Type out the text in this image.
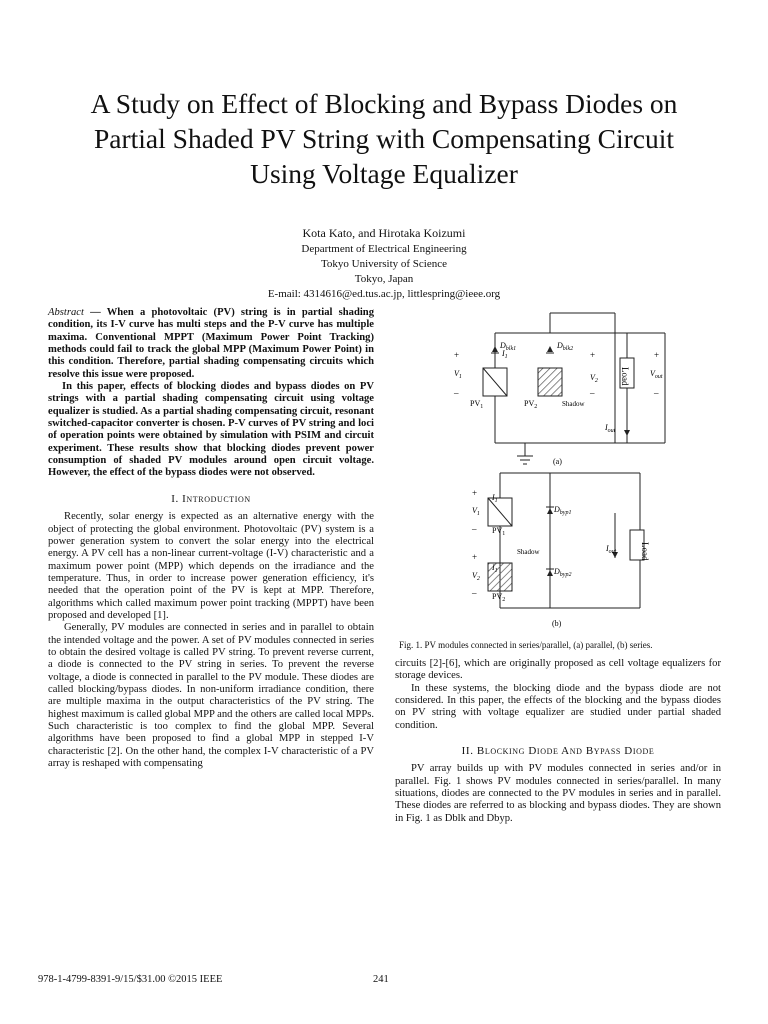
A Study on Effect of Blocking and Bypass Diodes on
Partial Shaded PV String with Compensating Circuit
Using Voltage Equalizer
Kota Kato, and Hirotaka Koizumi
Department of Electrical Engineering
Tokyo University of Science
Tokyo, Japan
E-mail: 4314616@ed.tus.ac.jp, littlespring@ieee.org

Abstract — When a photovoltaic (PV) string is in partial shading condition, its I-V curve has multi steps and the P-V curve has multiple maxima. Conventional MPPT (Maximum Power Point Tracking) methods could fail to track the global MPP (Maximum Power Point) in this condition. Therefore, partial shading compensating circuits which resolve this issue were proposed.

In this paper, effects of blocking diodes and bypass diodes on PV strings with a partial shading compensating circuit using voltage equalizer is studied. As a partial shading compensating circuit, resonant switched-capacitor converter is chosen. P-V curves of PV string and loci of operation points were obtained by simulation with PSIM and circuit experiment. These results show that blocking diodes prevent power consumption of shaded PV modules around open circuit voltage. However, the effect of the bypass diodes were not observed.

I. Introduction

Recently, solar energy is expected as an alternative energy with the object of protecting the global environment. Photovoltaic (PV) system is a power generation system to convert the solar energy into the electrical energy. A PV cell has a non-linear current-voltage (I-V) characteristic and a maximum power point (MPP) which depends on the irradiance and the temperature. Thus, in order to increase power generation efficiency, it's needed that the operation point of the PV is kept at MPP. Therefore, algorithms which called maximum power point tracking (MPPT) have been proposed and developed [1].

Generally, PV modules are connected in series and in parallel to obtain the intended voltage and the power. A set of PV modules connected in series to obtain the desired voltage is called PV string. To prevent reverse current, a diode is connected to the PV string in series. To prevent the reverse voltage, a diode is connected in parallel to the PV module. These diodes are called blocking/bypass diodes. In non-uniform irradiance condition, there are multiple maxima in the output characteristics of the PV string. The highest maximum is called global MPP and the others are called local MPPs. Such characteristic is too complex to find the global MPP. Several algorithms have been proposed to find a global MPP in stepped I-V characteristic [2]. On the other hand, the complex I-V characteristic of a PV array is reshaped with compensating

Load
$I_1$
$D_{blk1}$	$D_{blk2}$
+
$V_1$
–
+
$V_2$
–
+
$V_{out}$
–
$PV_1$	$PV_2$	Shadow
$I_{out}$
(a)
Load
$D_{byp1}$
$D_{byp2}$
$I_{out}$
+
$V_1$
–
$I_1$
$PV_1$
Shadow
+
$V_2$
–
$I_1$
$PV_2$
(b)
Fig. 1. PV modules connected in series/parallel, (a) parallel, (b) series.

circuits [2]-[6], which are originally proposed as cell voltage equalizers for storage devices.

In these systems, the blocking diode and the bypass diode are not considered. In this paper, the effects of the blocking and the bypass diodes on PV string with voltage equalizer are studied under partial shaded condition.

II. Blocking Diode And Bypass Diode

PV array builds up with PV modules connected in series and/or in parallel. Fig. 1 shows PV modules connected in series/parallel. In many situations, diodes are connected to the PV modules in series and in parallel. These diodes are referred to as blocking and bypass diodes. They are shown in Fig. 1 as Dblk and Dbyp.

978-1-4799-8391-9/15/$31.00 ©2015 IEEE	241
